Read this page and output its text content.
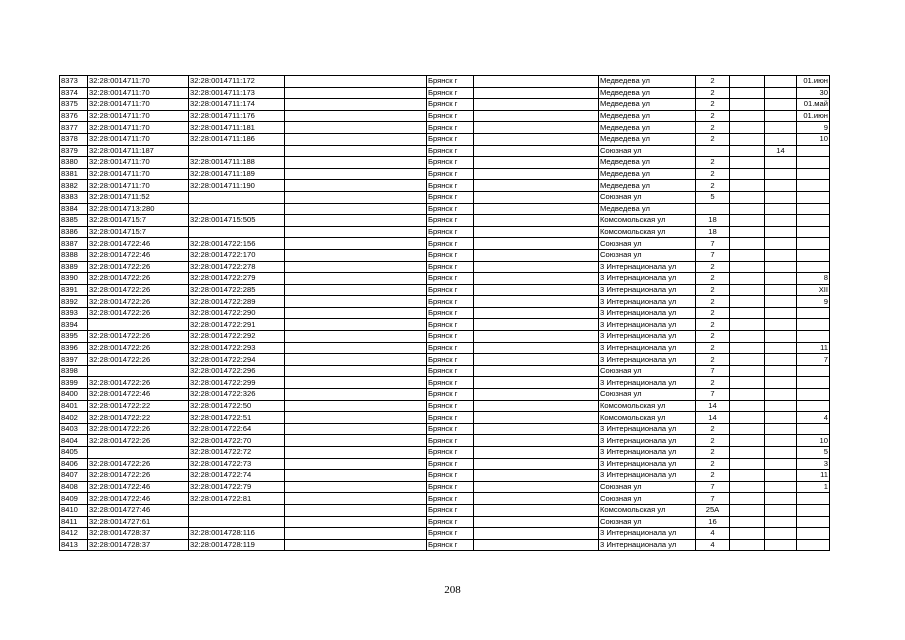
8373	32:28:0014711:70	32:28:0014711:172		Брянск г		Медведева ул	2			01.июн
8374	32:28:0014711:70	32:28:0014711:173		Брянск г		Медведева ул	2			30
8375	32:28:0014711:70	32:28:0014711:174		Брянск г		Медведева ул	2			01.май
8376	32:28:0014711:70	32:28:0014711:176		Брянск г		Медведева ул	2			01.июн
8377	32:28:0014711:70	32:28:0014711:181		Брянск г		Медведева ул	2			9
8378	32:28:0014711:70	32:28:0014711:186		Брянск г		Медведева ул	2			10
8379	32:28:0014711:187			Брянск г		Союзная ул			14	
8380	32:28:0014711:70	32:28:0014711:188		Брянск г		Медведева ул	2			
8381	32:28:0014711:70	32:28:0014711:189		Брянск г		Медведева ул	2			
8382	32:28:0014711:70	32:28:0014711:190		Брянск г		Медведева ул	2			
8383	32:28:0014711:52			Брянск г		Союзная ул	5			
8384	32:28:0014713:280			Брянск г		Медведева ул				
8385	32:28:0014715:7	32:28:0014715:505		Брянск г		Комсомольская ул	18			
8386	32:28:0014715:7			Брянск г		Комсомольская ул	18			
8387	32:28:0014722:46	32:28:0014722:156		Брянск г		Союзная ул	7			
8388	32:28:0014722:46	32:28:0014722:170		Брянск г		Союзная ул	7			
8389	32:28:0014722:26	32:28:0014722:278		Брянск г		3 Интернационала ул	2			
8390	32:28:0014722:26	32:28:0014722:279		Брянск г		3 Интернационала ул	2			8
8391	32:28:0014722:26	32:28:0014722:285		Брянск г		3 Интернационала ул	2			XII
8392	32:28:0014722:26	32:28:0014722:289		Брянск г		3 Интернационала ул	2			9
8393	32:28:0014722:26	32:28:0014722:290		Брянск г		3 Интернационала ул	2			
8394		32:28:0014722:291		Брянск г		3 Интернационала ул	2			
8395	32:28:0014722:26	32:28:0014722:292		Брянск г		3 Интернационала ул	2			
8396	32:28:0014722:26	32:28:0014722:293		Брянск г		3 Интернационала ул	2			11
8397	32:28:0014722:26	32:28:0014722:294		Брянск г		3 Интернационала ул	2			7
8398		32:28:0014722:296		Брянск г		Союзная ул	7			
8399	32:28:0014722:26	32:28:0014722:299		Брянск г		3 Интернационала ул	2			
8400	32:28:0014722:46	32:28:0014722:326		Брянск г		Союзная ул	7			
8401	32:28:0014722:22	32:28:0014722:50		Брянск г		Комсомольская ул	14			
8402	32:28:0014722:22	32:28:0014722:51		Брянск г		Комсомольская ул	14			4
8403	32:28:0014722:26	32:28:0014722:64		Брянск г		3 Интернационала ул	2			
8404	32:28:0014722:26	32:28:0014722:70		Брянск г		3 Интернационала ул	2			10
8405		32:28:0014722:72		Брянск г		3 Интернационала ул	2			5
8406	32:28:0014722:26	32:28:0014722:73		Брянск г		3 Интернационала ул	2			3
8407	32:28:0014722:26	32:28:0014722:74		Брянск г		3 Интернационала ул	2			11
8408	32:28:0014722:46	32:28:0014722:79		Брянск г		Союзная ул	7			1
8409	32:28:0014722:46	32:28:0014722:81		Брянск г		Союзная ул	7			
8410	32:28:0014727:46			Брянск г		Комсомольская ул	25А			
8411	32:28:0014727:61			Брянск г		Союзная ул	16			
8412	32:28:0014728:37	32:28:0014728:116		Брянск г		3 Интернационала ул	4			
8413	32:28:0014728:37	32:28:0014728:119		Брянск г		3 Интернационала ул	4			
208
